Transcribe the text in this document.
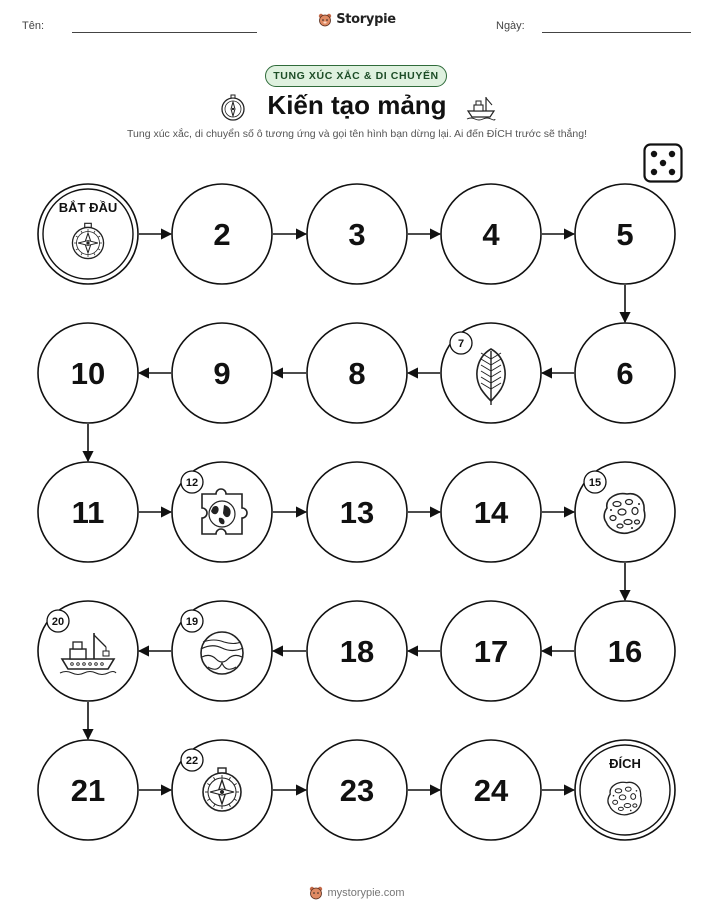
Tên:	Storypie	Ngày:
TUNG XÚC XẮC & DI CHUYỂN
Kiến tạo mảng
Tung xúc xắc, di chuyển số ô tương ứng và gọi tên hình bạn dừng lại. Ai đến ĐÍCH trước sẽ thắng!
BẮT ĐẦU
2	3	4	5
6
7
8
9
10
11
12
13	14
15
16
17
18
19
20
21
22
23	24
ĐÍCH
mystorypie.com
